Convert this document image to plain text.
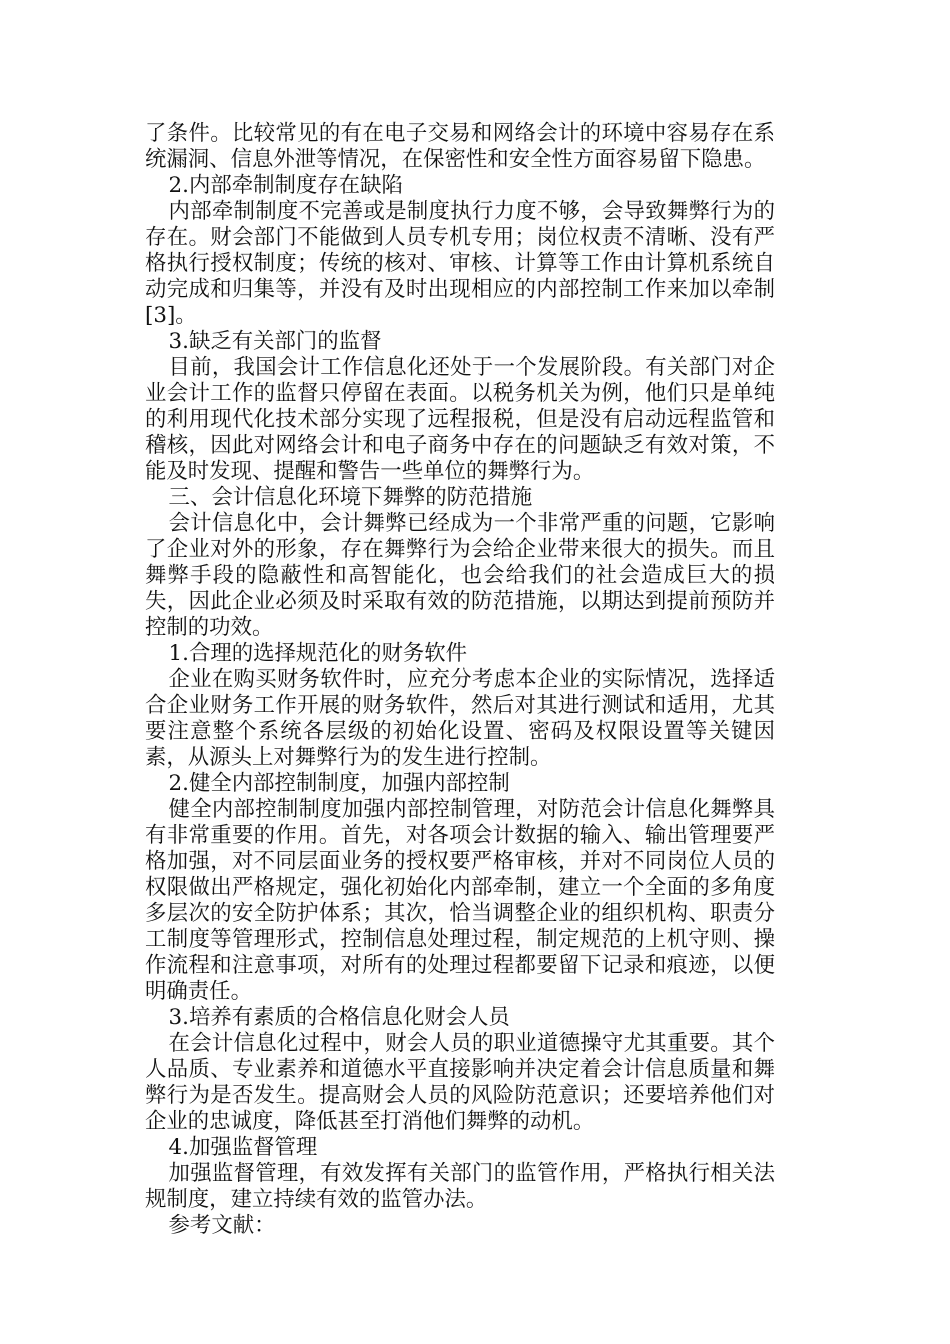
了条件。比较常见的有在电子交易和网络会计的环境中容易存在系统漏洞、信息外泄等情况，在保密性和安全性方面容易留下隐患。

2.内部牵制制度存在缺陷

内部牵制制度不完善或是制度执行力度不够，会导致舞弊行为的存在。财会部门不能做到人员专机专用；岗位权责不清晰、没有严格执行授权制度；传统的核对、审核、计算等工作由计算机系统自动完成和归集等，并没有及时出现相应的内部控制工作来加以牵制[3]。

3.缺乏有关部门的监督

目前，我国会计工作信息化还处于一个发展阶段。有关部门对企业会计工作的监督只停留在表面。以税务机关为例，他们只是单纯的利用现代化技术部分实现了远程报税，但是没有启动远程监管和稽核，因此对网络会计和电子商务中存在的问题缺乏有效对策，不能及时发现、提醒和警告一些单位的舞弊行为。

三、会计信息化环境下舞弊的防范措施

会计信息化中，会计舞弊已经成为一个非常严重的问题，它影响了企业对外的形象，存在舞弊行为会给企业带来很大的损失。而且舞弊手段的隐蔽性和高智能化，也会给我们的社会造成巨大的损失，因此企业必须及时采取有效的防范措施，以期达到提前预防并控制的功效。

1.合理的选择规范化的财务软件

企业在购买财务软件时，应充分考虑本企业的实际情况，选择适合企业财务工作开展的财务软件，然后对其进行测试和适用，尤其要注意整个系统各层级的初始化设置、密码及权限设置等关键因素，从源头上对舞弊行为的发生进行控制。

2.健全内部控制制度，加强内部控制

健全内部控制制度加强内部控制管理，对防范会计信息化舞弊具有非常重要的作用。首先，对各项会计数据的输入、输出管理要严格加强，对不同层面业务的授权要严格审核，并对不同岗位人员的权限做出严格规定，强化初始化内部牵制，建立一个全面的多角度多层次的安全防护体系；其次，恰当调整企业的组织机构、职责分工制度等管理形式，控制信息处理过程，制定规范的上机守则、操作流程和注意事项，对所有的处理过程都要留下记录和痕迹，以便明确责任。

3.培养有素质的合格信息化财会人员

在会计信息化过程中，财会人员的职业道德操守尤其重要。其个人品质、专业素养和道德水平直接影响并决定着会计信息质量和舞弊行为是否发生。提高财会人员的风险防范意识；还要培养他们对企业的忠诚度，降低甚至打消他们舞弊的动机。

4.加强监督管理

加强监督管理，有效发挥有关部门的监管作用，严格执行相关法规制度，建立持续有效的监管办法。

参考文献：
